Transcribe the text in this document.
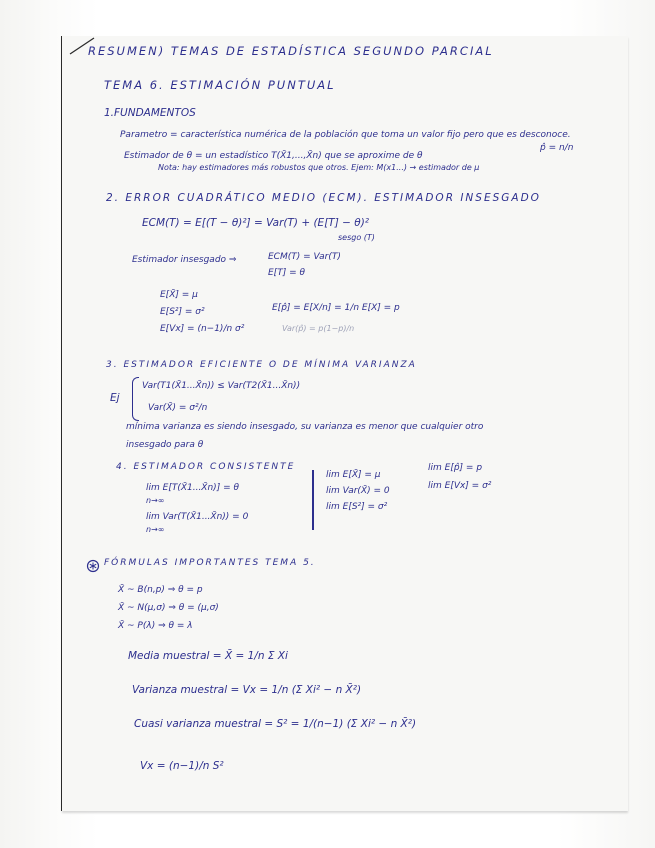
RESUMEN) TEMAS DE ESTADÍSTICA SEGUNDO PARCIAL
TEMA 6. ESTIMACIÓN PUNTUAL
1.FUNDAMENTOS
Parametro = característica numérica de la población que toma un valor fijo pero que es desconoce.
Estimador de θ = un estadístico T(X̄1,...,X̄n) que se aproxime de θ
p̂ = n/n
Nota: hay estimadores más robustos que otros. Ejem: M(x1...) → estimador de μ
2. ERROR CUADRÁTICO MEDIO (ECM). ESTIMADOR INSESGADO
ECM(T) = E[(T − θ)²] = Var(T) + (E[T] − θ)²
sesgo (T)
Estimador insesgado ⇒	ECM(T) = Var(T)
E[T] = θ
E[X̄] = μ
E[S²] = σ²
E[Vx] = (n−1)/n σ²
E[p̂] = E[X/n] = 1/n E[X] = p
Var(p̂) = p(1−p)/n
3. ESTIMADOR EFICIENTE O DE MÍNIMA VARIANZA
Ej
Var(T1(X̄1...X̄n)) ≤ Var(T2(X̄1...X̄n))
Var(X̄) = σ²/n
mínima varianza es siendo insesgado, su varianza es menor que cualquier otro
insesgado para θ
4. ESTIMADOR CONSISTENTE
lim E[T(X̄1...X̄n)] = θ
n→∞
lim Var(T(X̄1...X̄n)) = 0
n→∞
lim E[X̄] = μ
lim Var(X̄) = 0
lim E[S²] = σ²
lim E[p̂] = p
lim E[Vx] = σ²
FÓRMULAS IMPORTANTES TEMA 5.
X̄ ~ B(n,p) ⇒ θ = p
X̄ ~ N(μ,σ) ⇒ θ = (μ,σ)
X̄ ~ P(λ) ⇒ θ = λ
Media muestral = X̄ = 1/n Σ Xi
Varianza muestral = Vx = 1/n (Σ Xi² − n X̄²)
Cuasi varianza muestral = S² = 1/(n−1) (Σ Xi² − n X̄²)
Vx = (n−1)/n S²
